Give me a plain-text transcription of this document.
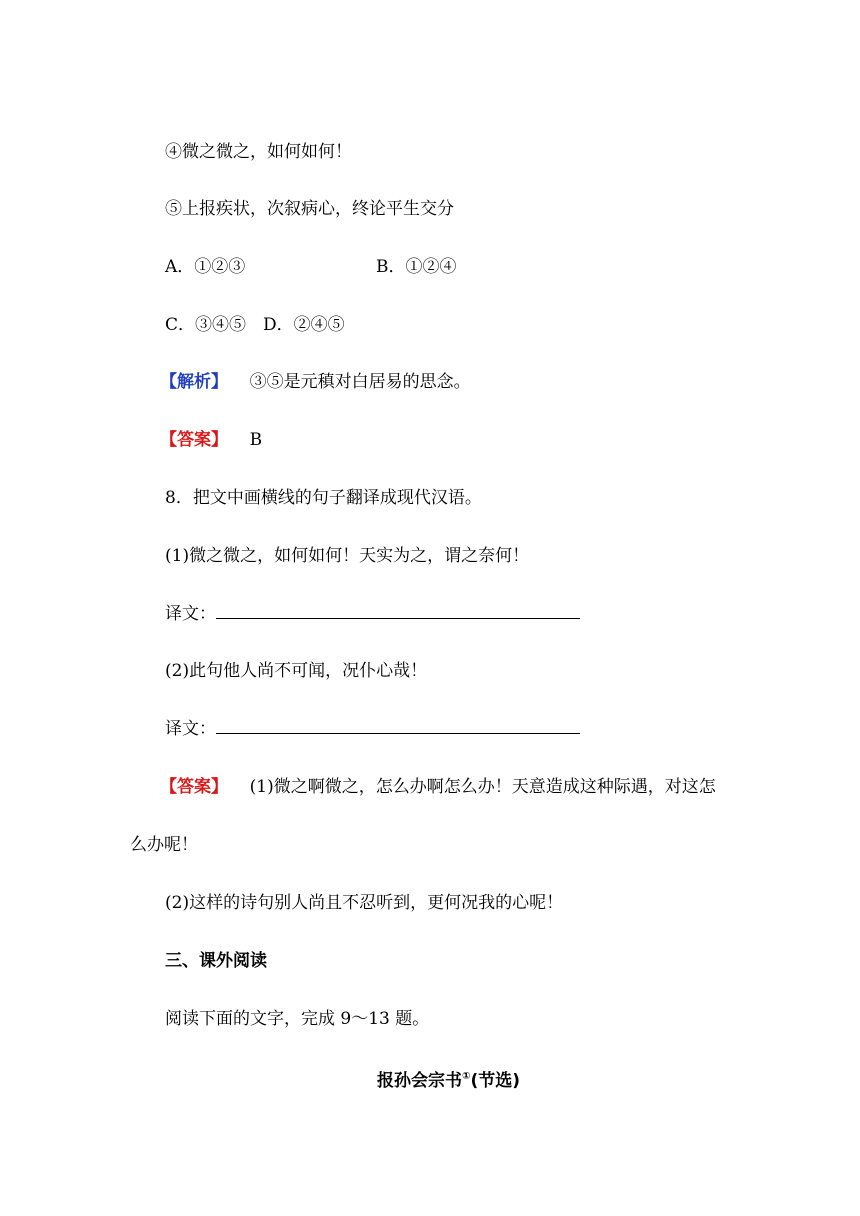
④微之微之，如何如何！
⑤上报疾状，次叙病心，终论平生交分
A．①②③	B．①②④
C．③④⑤　D．②④⑤
【解析】 ③⑤是元稹对白居易的思念。
【答案】 B
8．把文中画横线的句子翻译成现代汉语。
(1)微之微之，如何如何！天实为之，谓之奈何！
译文：
(2)此句他人尚不可闻，况仆心哉！
译文：
【答案】 (1)微之啊微之，怎么办啊怎么办！天意造成这种际遇，对这怎
么办呢！
(2)这样的诗句别人尚且不忍听到，更何况我的心呢！
三、课外阅读
阅读下面的文字，完成 9～13 题。
报孙会宗书①(节选)
